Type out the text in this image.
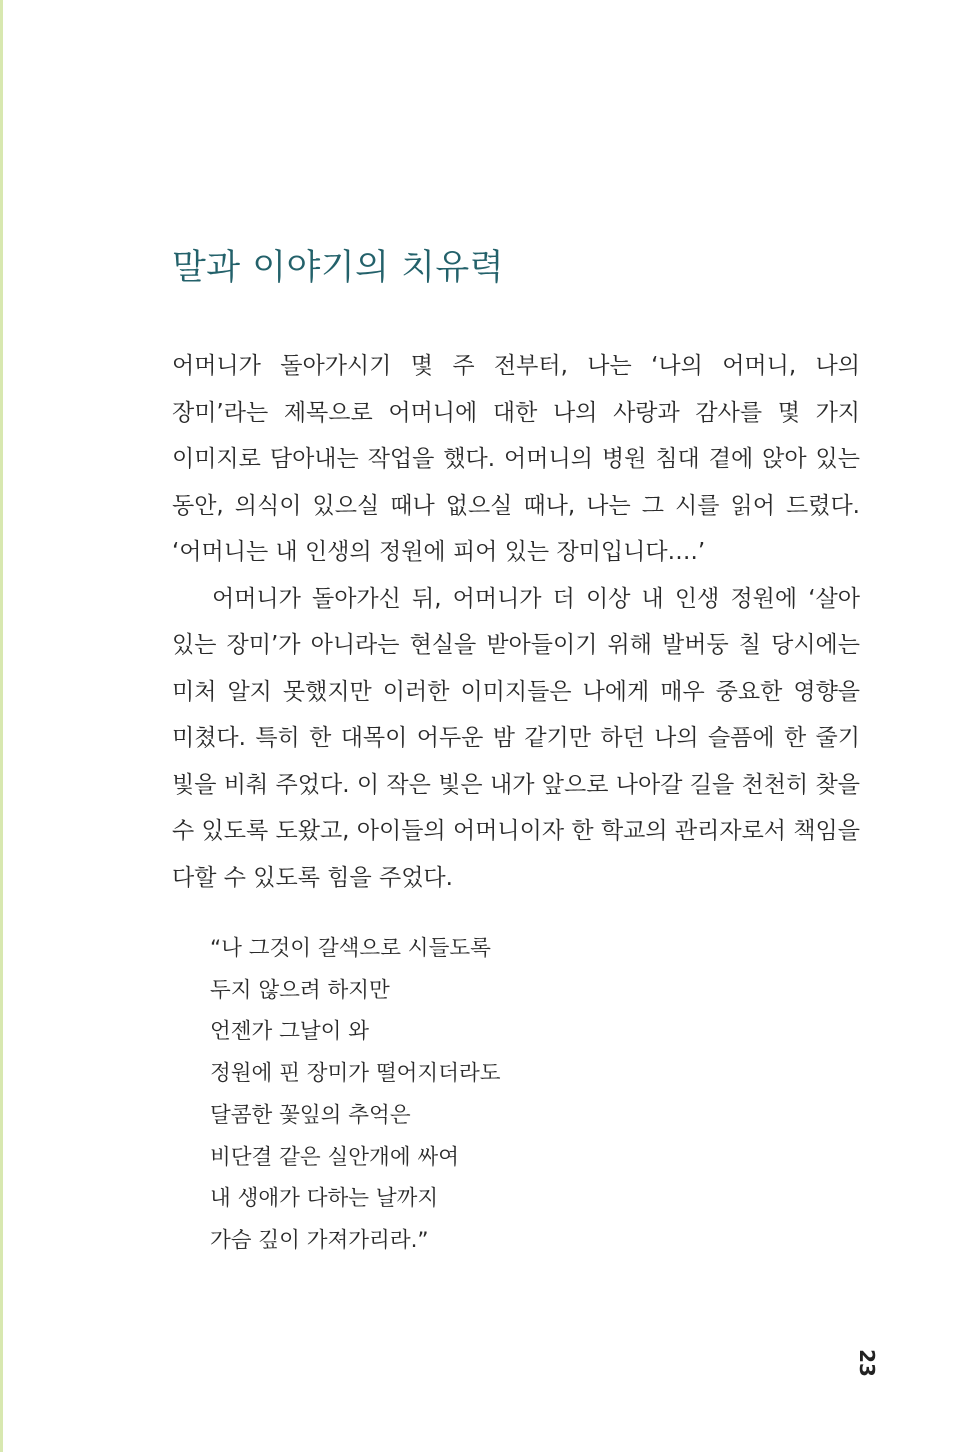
말과 이야기의 치유력

어머니가 돌아가시기 몇 주 전부터, 나는 ‘나의 어머니, 나의 장미’라는 제목으로 어머니에 대한 나의 사랑과 감사를 몇 가지 이미지로 담아내는 작업을 했다. 어머니의 병원 침대 곁에 앉아 있는 동안, 의식이 있으실 때나 없으실 때나, 나는 그 시를 읽어 드렸다. ‘어머니는 내 인생의 정원에 피어 있는 장미입니다….’

어머니가 돌아가신 뒤, 어머니가 더 이상 내 인생 정원에 ‘살아 있는 장미’가 아니라는 현실을 받아들이기 위해 발버둥 칠 당시에는 미처 알지 못했지만 이러한 이미지들은 나에게 매우 중요한 영향을 미쳤다. 특히 한 대목이 어두운 밤 같기만 하던 나의 슬픔에 한 줄기 빛을 비춰 주었다. 이 작은 빛은 내가 앞으로 나아갈 길을 천천히 찾을 수 있도록 도왔고, 아이들의 어머니이자 한 학교의 관리자로서 책임을 다할 수 있도록 힘을 주었다.

“나 그것이 갈색으로 시들도록
두지 않으려 하지만
언젠가 그날이 와
정원에 핀 장미가 떨어지더라도
달콤한 꽃잎의 추억은
비단결 같은 실안개에 싸여
내 생애가 다하는 날까지
가슴 깊이 가져가리라.”
23
